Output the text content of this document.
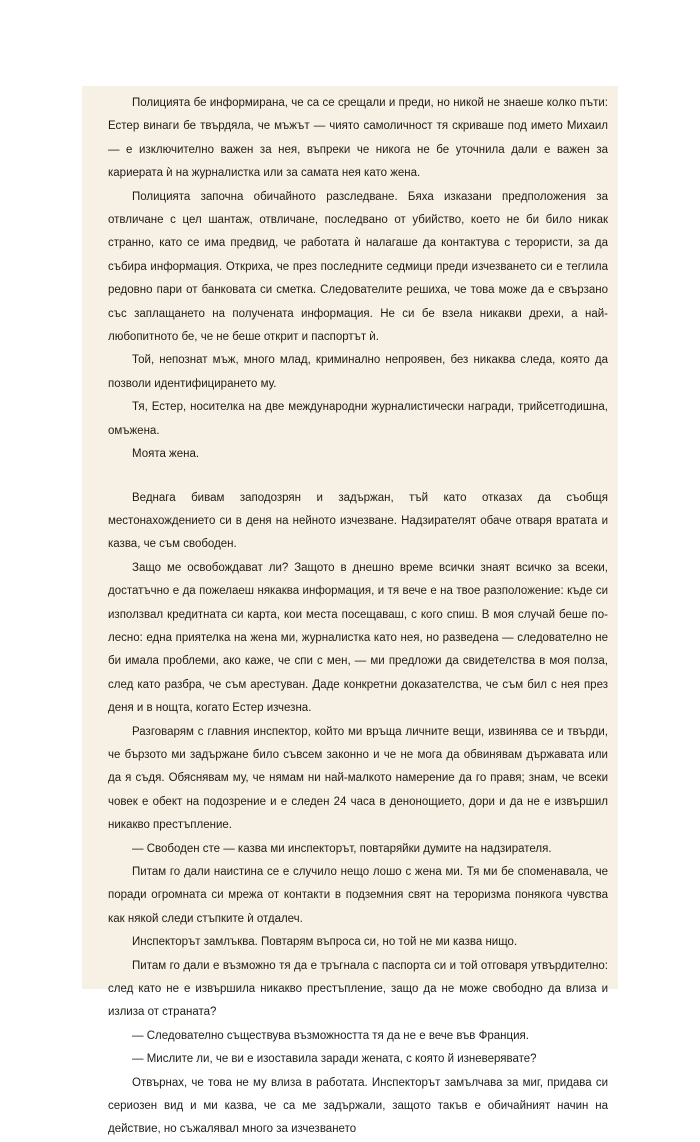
Полицията бе информирана, че са се срещали и преди, но никой не знаеше колко пъти: Естер винаги бе твърдяла, че мъжът — чиято самоличност тя скриваше под името Михаил — е изключително важен за нея, въпреки че никога не бе уточнила дали е важен за кариерата ѝ на журналистка или за самата нея като жена.

Полицията започна обичайното разследване. Бяха изказани предположения за отвличане с цел шантаж, отвличане, последвано от убийство, което не би било никак странно, като се има предвид, че работата ѝ налагаше да контактува с терористи, за да събира информация. Откриха, че през последните седмици преди изчезването си е теглила редовно пари от банковата си сметка. Следователите решиха, че това може да е свързано със заплащането на получената информация. Не си бе взела никакви дрехи, а най-любопитното бе, че не беше открит и паспортът ѝ.

Той, непознат мъж, много млад, криминално непроявен, без никаква следа, която да позволи идентифицирането му.

Тя, Естер, носителка на две международни журналистически награди, трийсетгодишна, омъжена.

Моята жена.

Веднага бивам заподозрян и задържан, тъй като отказах да съобщя местонахождението си в деня на нейното изчезване. Надзирателят обаче отваря вратата и казва, че съм свободен.

Защо ме освобождават ли? Защото в днешно време всички знаят всичко за всеки, достатъчно е да пожелаеш някаква информация, и тя вече е на твое разположение: къде си използвал кредитната си карта, кои места посещаваш, с кого спиш. В моя случай беше по-лесно: една приятелка на жена ми, журналистка като нея, но разведена — следователно не би имала проблеми, ако каже, че спи с мен, — ми предложи да свидетелства в моя полза, след като разбра, че съм арестуван. Даде конкретни доказателства, че съм бил с нея през деня и в нощта, когато Естер изчезна.

Разговарям с главния инспектор, който ми връща личните вещи, извинява се и твърди, че бързото ми задържане било съвсем законно и че не мога да обвинявам държавата или да я съдя. Обяснявам му, че нямам ни най-малкото намерение да го правя; знам, че всеки човек е обект на подозрение и е следен 24 часа в денонощието, дори и да не е извършил никакво престъпление.

— Свободен сте — казва ми инспекторът, повтаряйки думите на надзирателя.

Питам го дали наистина се е случило нещо лошо с жена ми. Тя ми бе споменавала, че поради огромната си мрежа от контакти в подземния свят на тероризма понякога чувства как някой следи стъпките ѝ отдалеч.

Инспекторът замлъква. Повтарям въпроса си, но той не ми казва нищо.

Питам го дали е възможно тя да е тръгнала с паспорта си и той отговаря утвърдително: след като не е извършила никакво престъпление, защо да не може свободно да влиза и излиза от страната?

— Следователно съществува възможността тя да не е вече във Франция.

— Мислите ли, че ви е изоставила заради жената, с която й изневерявате?

Отвърнах, че това не му влиза в работата. Инспекторът замълчава за миг, придава си сериозен вид и ми казва, че са ме задържали, защото такъв е обичайният начин на действие, но съжалявал много за изчезването
